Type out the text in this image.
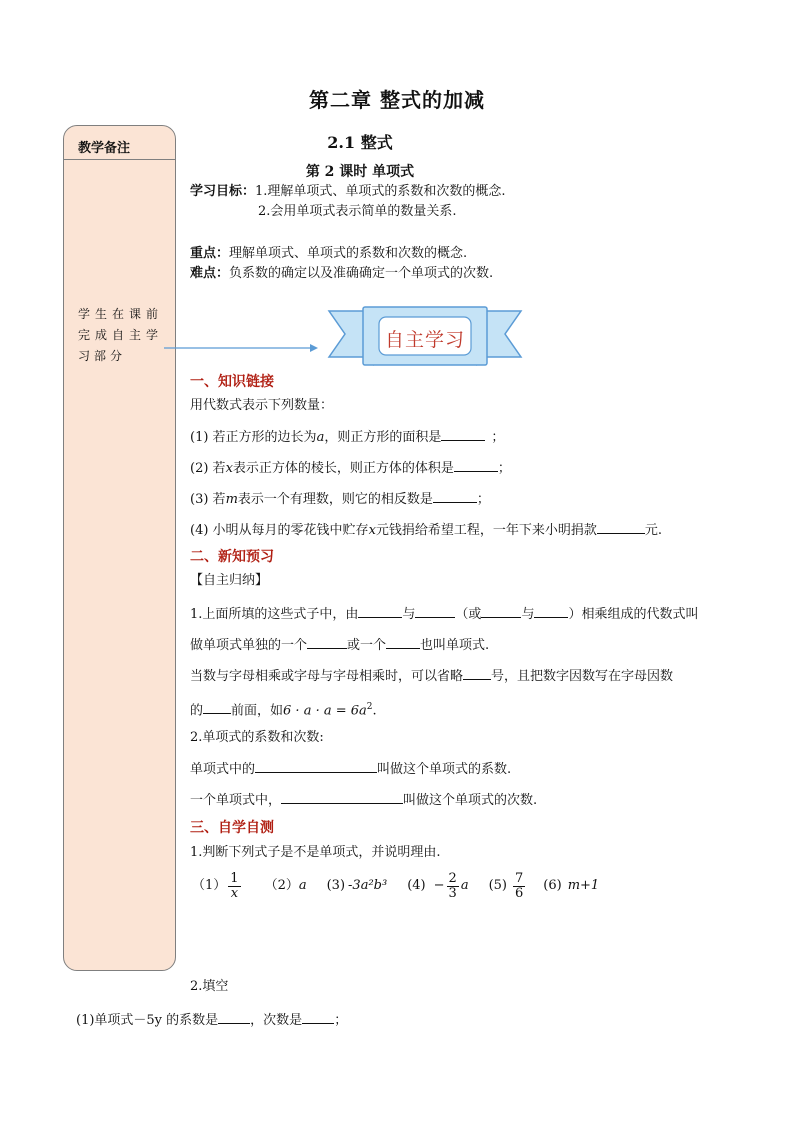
第二章 整式的加减
2.1 整式
第 2 课时 单项式
教学备注
学生在课前完成自主学习部分
学习目标：1.理解单项式、单项式的系数和次数的概念.
2.会用单项式表示简单的数量关系.
重点：理解单项式、单项式的系数和次数的概念.
难点：负系数的确定以及准确确定一个单项式的次数.
自主学习
一、知识链接
用代数式表示下列数量：
(1) 若正方形的边长为a，则正方形的面积是	；
(2) 若x表示正方体的棱长，则正方体的体积是	；
(3) 若m表示一个有理数，则它的相反数是	；
(4) 小明从每月的零花钱中贮存x元钱捐给希望工程，一年下来小明捐款	元.
二、新知预习
【自主归纳】
1.上面所填的这些式子中，由	与	（或	与	）相乘组成的代数式叫
做单项式单独的一个	或一个	也叫单项式.
当数与字母相乘或字母与字母相乘时，可以省略 号，且把数字因数写在字母因数
的 前面，如$6 \cdot a \cdot a = 6a^2$.
2.单项式的系数和次数:
单项式中的	叫做这个单项式的系数.
一个单项式中，	叫做这个单项式的次数.
三、自学自测
1.判断下列式子是不是单项式，并说明理由.
$(1) \frac{1}{x} (2)$ a (3) -3a²b³ $(4) - \frac{2}{3}$ a $(5) \frac{7}{6} (6)$ m+1
2.填空
(1)单项式－5y 的系数是 ，次数是 ；
